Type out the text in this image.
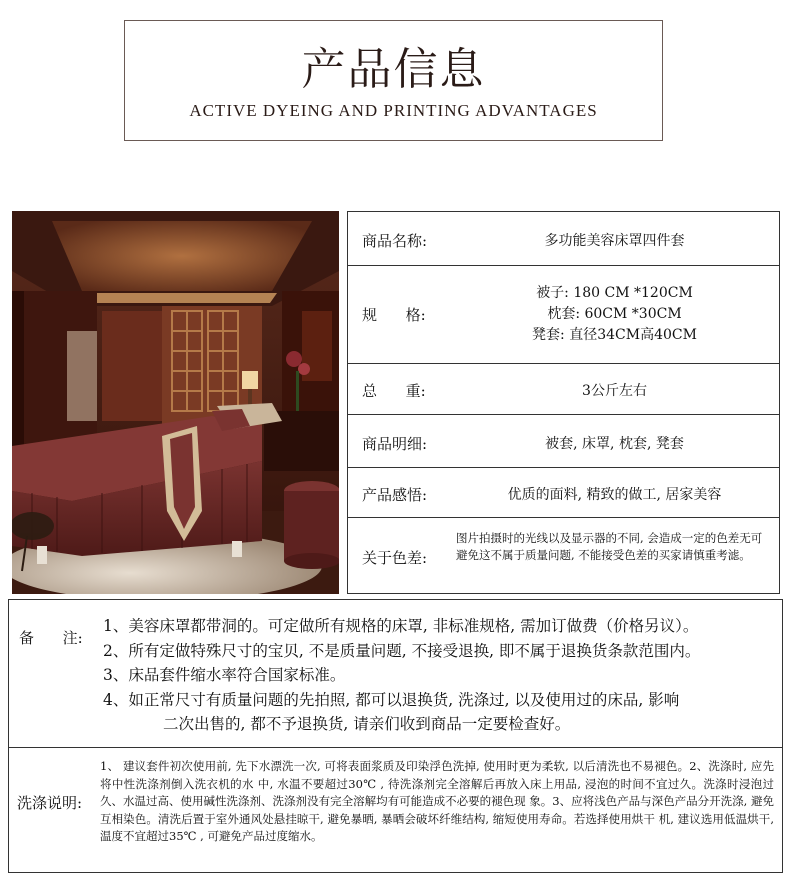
产品信息
ACTIVE DYEING AND PRINTING ADVANTAGES
商品名称:	多功能美容床罩四件套
规      格:
被子: 180 CM *120CM
枕套: 60CM *30CM
凳套: 直径34CM高40CM
总      重:	3公斤左右
商品明细:	被套, 床罩, 枕套, 凳套
产品感悟:	优质的面料, 精致的做工, 居家美容
关于色差:
图片拍摄时的光线以及显示器的不同, 会造成一定的色差无可避免这不属于质量问题, 不能接受色差的买家请慎重考滤。
备      注:
1、美容床罩都带洞的。可定做所有规格的床罩, 非标准规格, 需加订做费（价格另议）。
2、所有定做特殊尺寸的宝贝, 不是质量问题, 不接受退换, 即不属于退换货条款范围内。
3、床品套件缩水率符合国家标准。
4、如正常尺寸有质量问题的先拍照, 都可以退换货, 洗涤过, 以及使用过的床品, 影响
二次出售的, 都不予退换货, 请亲们收到商品一定要检查好。
洗涤说明:
1、 建议套件初次使用前, 先下水漂洗一次, 可将表面浆质及印染浮色洗掉, 使用时更为柔软, 以后清洗也不易褪色。2、洗涤时, 应先将中性洗涤剂倒入洗衣机的水 中, 水温不要超过30℃ , 待洗涤剂完全溶解后再放入床上用品, 浸泡的时间不宜过久。洗涤时浸泡过久、水温过高、使用碱性洗涤剂、洗涤剂没有完全溶解均有可能造成不必要的褪色现 象。3、应将浅色产品与深色产品分开洗涤, 避免互相染色。清洗后置于室外通风处悬挂晾干, 避免暴晒, 暴晒会破坏纤维结构, 缩短使用寿命。若选择使用烘干 机, 建议选用低温烘干, 温度不宜超过35℃ , 可避免产品过度缩水。
